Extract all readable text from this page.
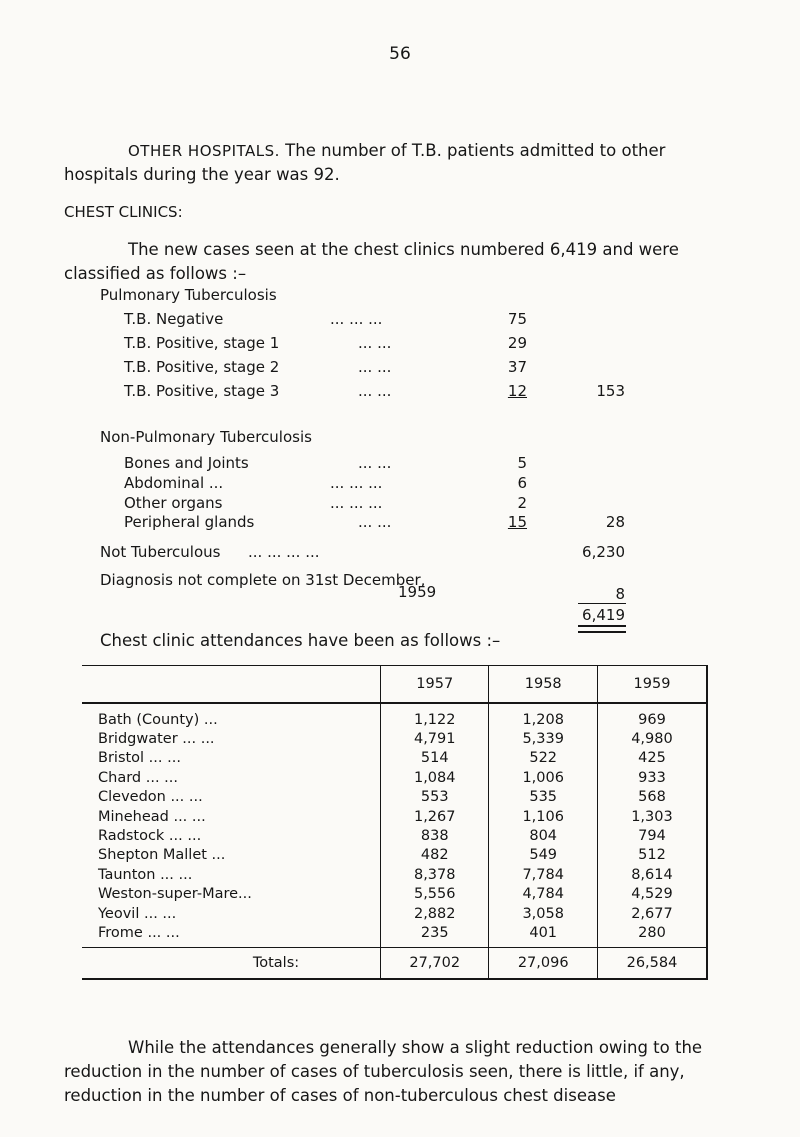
56
OTHER HOSPITALS. The number of T.B. patients admitted to other hospitals during the year was 92.
CHEST CLINICS:
The new cases seen at the chest clinics numbered 6,419 and were classified as follows :–
Pulmonary Tuberculosis
T.B. Negative	... ... ...	75
T.B. Positive, stage 1	... ...	29
T.B. Positive, stage 2	... ...	37
T.B. Positive, stage 3	... ...	12	153
Non-Pulmonary Tuberculosis
Bones and Joints	... ...	5
Abdominal ...	... ... ...	6
Other organs	... ... ...	2
Peripheral glands	... ...	15	28
Not Tuberculous ... ... ... ...	6,230
Diagnosis not complete on 31st December,
1959	8
6,419
Chest clinic attendances have been as follows :–
	1957	1958	1959
Bath (County) ...	1,122	1,208	969
Bridgwater ... ...	4,791	5,339	4,980
Bristol ... ...	514	522	425
Chard ... ...	1,084	1,006	933
Clevedon ... ...	553	535	568
Minehead ... ...	1,267	1,106	1,303
Radstock ... ...	838	804	794
Shepton Mallet ...	482	549	512
Taunton ... ...	8,378	7,784	8,614
Weston-super-Mare...	5,556	4,784	4,529
Yeovil ... ...	2,882	3,058	2,677
Frome ... ...	235	401	280
Totals:	27,702	27,096	26,584
While the attendances generally show a slight reduction owing to the reduction in the number of cases of tuberculosis seen, there is little, if any, reduction in the number of cases of non-tuberculous chest disease
